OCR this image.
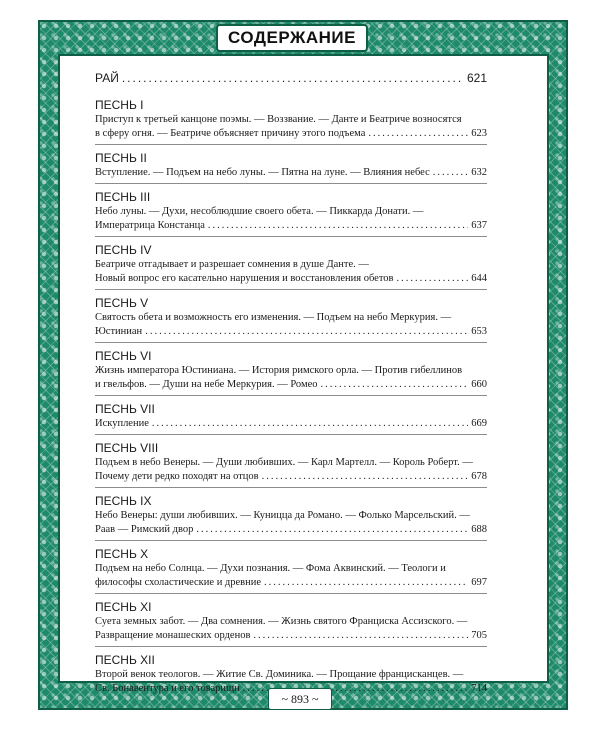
СОДЕРЖАНИЕ
РАЙ .....	621
ПЕСНЬ I
Приступ к третьей канцоне поэмы. — Воззвание. — Данте и Беатриче возносятся
в сферу огня. — Беатриче объясняет причину этого подъема .....	623
ПЕСНЬ II
Вступление. — Подъем на небо луны. — Пятна на луне. — Влияния небес .....	632
ПЕСНЬ III
Небо луны. — Духи, несоблюдшие своего обета. — Пиккарда Донати. —
Императрица Констанца .....	637
ПЕСНЬ IV
Беатриче отгадывает и разрешает сомнения в душе Данте. —
Новый вопрос его касательно нарушения и восстановления обетов .....	644
ПЕСНЬ V
Святость обета и возможность его изменения. — Подъем на небо Меркурия. —
Юстиниан .....	653
ПЕСНЬ VI
Жизнь императора Юстиниана. — История римского орла. — Против гибеллинов
и гвельфов. — Души на небе Меркурия. — Ромео .....	660
ПЕСНЬ VII
Искупление .....	669
ПЕСНЬ VIII
Подъем в небо Венеры. — Души любивших. — Карл Мартелл. — Король Роберт. —
Почему дети редко походят на отцов .....	678
ПЕСНЬ IX
Небо Венеры: души любивших. — Куницца да Романо. — Фолько Марсельский. —
Раав — Римский двор .....	688
ПЕСНЬ X
Подъем на небо Солнца. — Духи познания. — Фома Аквинский. — Теологи и
философы схоластические и древние .....	697
ПЕСНЬ XI
Суета земных забот. — Два сомнения. — Жизнь святого Франциска Ассизского. —
Развращение монашеских орденов .....	705
ПЕСНЬ XII
Второй венок теологов. — Житие Св. Доминика. — Прощание францисканцев. —
Св. Бонавентура и его товарищи .....	714
~ 893 ~
